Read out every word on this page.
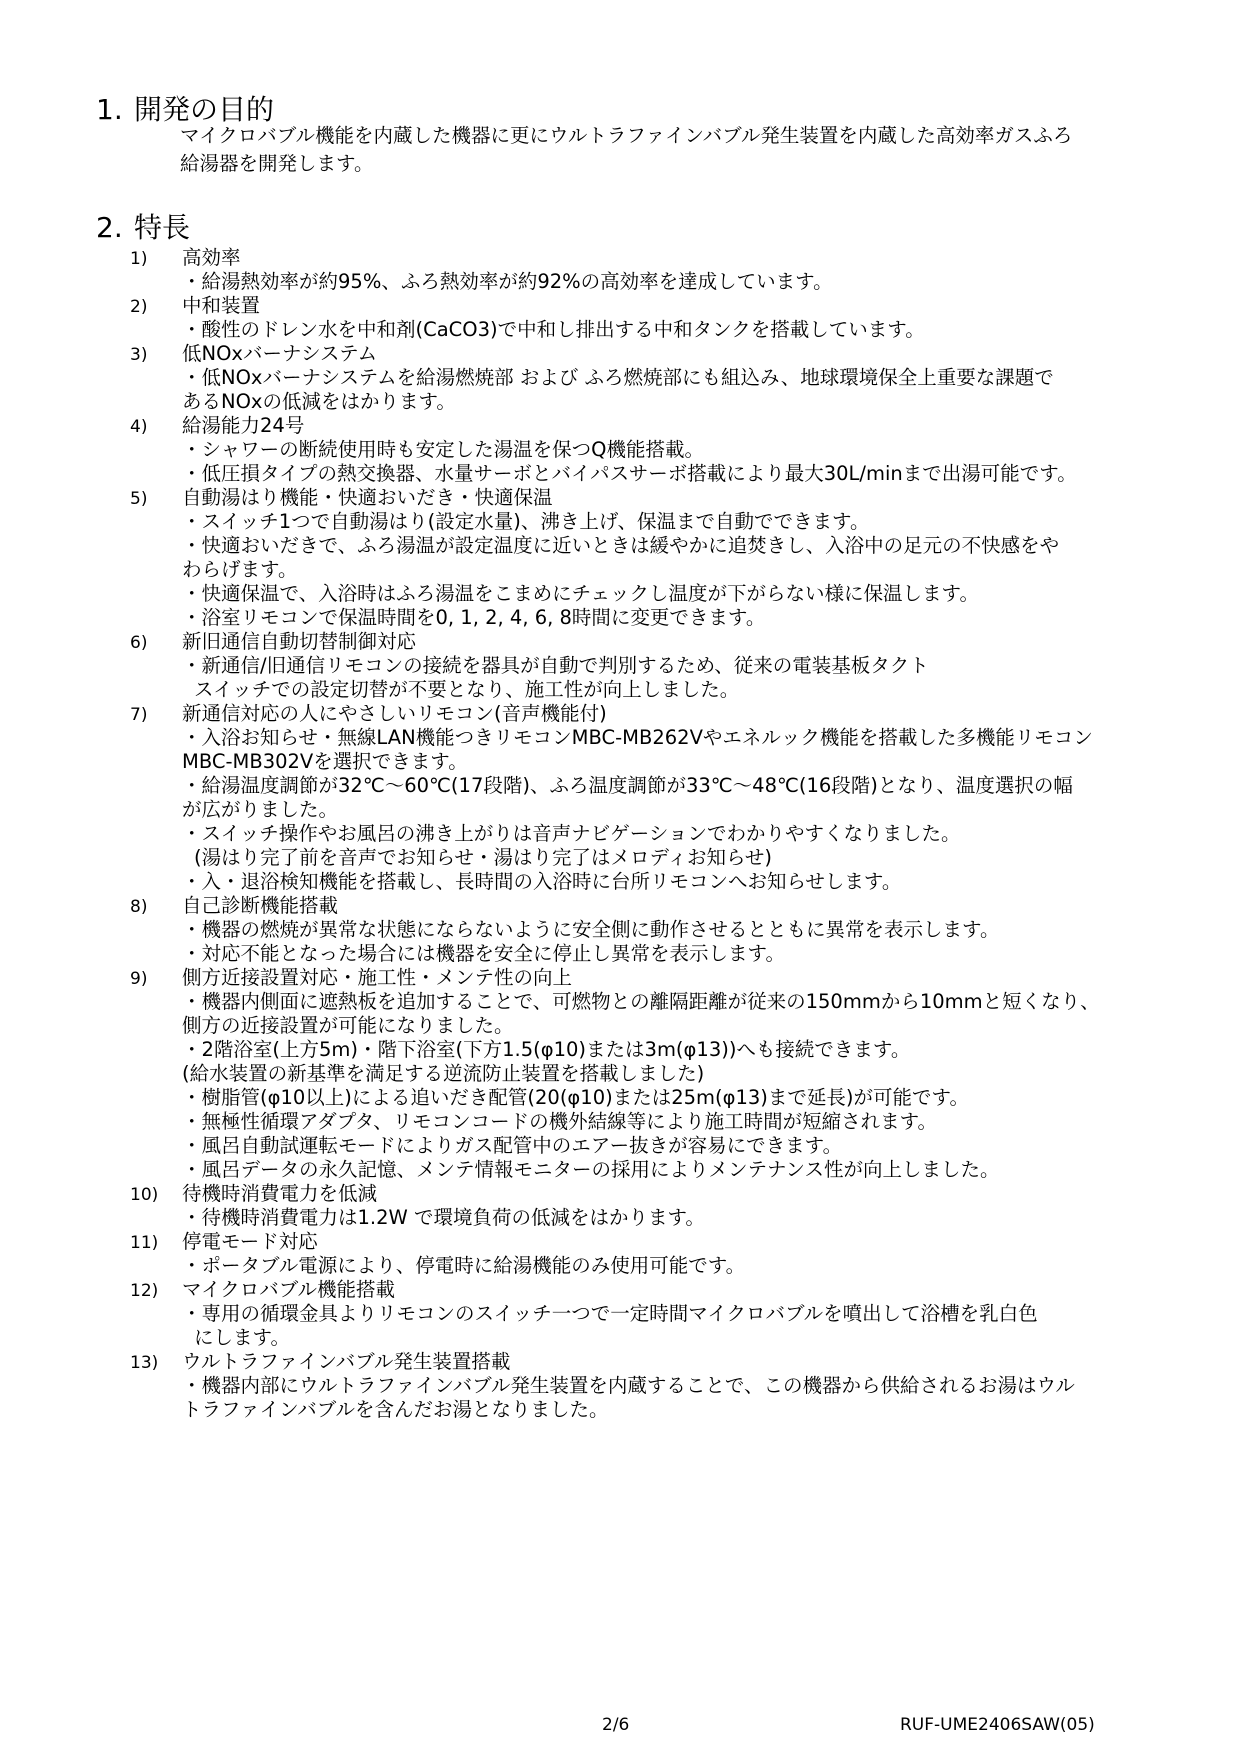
1. 開発の目的
マイクロバブル機能を内蔵した機器に更にウルトラファインバブル発生装置を内蔵した高効率ガスふろ
給湯器を開発します。
2. 特長
1) 高効率
・給湯熱効率が約95%、ふろ熱効率が約92%の高効率を達成しています。
2) 中和装置
・酸性のドレン水を中和剤(CaCO3)で中和し排出する中和タンクを搭載しています。
3) 低NOxバーナシステム
・低NOxバーナシステムを給湯燃焼部 および ふろ燃焼部にも組込み、地球環境保全上重要な課題で
あるNOxの低減をはかります。
4) 給湯能力24号
・シャワーの断続使用時も安定した湯温を保つQ機能搭載。
・低圧損タイプの熱交換器、水量サーボとバイパスサーボ搭載により最大30L/minまで出湯可能です。
5) 自動湯はり機能・快適おいだき・快適保温
・スイッチ1つで自動湯はり(設定水量)、沸き上げ、保温まで自動でできます。
・快適おいだきで、ふろ湯温が設定温度に近いときは緩やかに追焚きし、入浴中の足元の不快感をや
わらげます。
・快適保温で、入浴時はふろ湯温をこまめにチェックし温度が下がらない様に保温します。
・浴室リモコンで保温時間を0, 1, 2, 4, 6, 8時間に変更できます。
6) 新旧通信自動切替制御対応
・新通信/旧通信リモコンの接続を器具が自動で判別するため、従来の電装基板タクト
スイッチでの設定切替が不要となり、施工性が向上しました。
7) 新通信対応の人にやさしいリモコン(音声機能付)
・入浴お知らせ・無線LAN機能つきリモコンMBC-MB262Vやエネルック機能を搭載した多機能リモコン
MBC-MB302Vを選択できます。
・給湯温度調節が32℃～60℃(17段階)、ふろ温度調節が33℃～48℃(16段階)となり、温度選択の幅
が広がりました。
・スイッチ操作やお風呂の沸き上がりは音声ナビゲーションでわかりやすくなりました。
(湯はり完了前を音声でお知らせ・湯はり完了はメロディお知らせ)
・入・退浴検知機能を搭載し、長時間の入浴時に台所リモコンへお知らせします。
8) 自己診断機能搭載
・機器の燃焼が異常な状態にならないように安全側に動作させるとともに異常を表示します。
・対応不能となった場合には機器を安全に停止し異常を表示します。
9) 側方近接設置対応・施工性・メンテ性の向上
・機器内側面に遮熱板を追加することで、可燃物との離隔距離が従来の150mmから10mmと短くなり、
側方の近接設置が可能になりました。
・2階浴室(上方5m)・階下浴室(下方1.5(φ10)または3m(φ13))へも接続できます。
(給水装置の新基準を満足する逆流防止装置を搭載しました)
・樹脂管(φ10以上)による追いだき配管(20(φ10)または25m(φ13)まで延長)が可能です。
・無極性循環アダプタ、リモコンコードの機外結線等により施工時間が短縮されます。
・風呂自動試運転モードによりガス配管中のエアー抜きが容易にできます。
・風呂データの永久記憶、メンテ情報モニターの採用によりメンテナンス性が向上しました。
10) 待機時消費電力を低減
・待機時消費電力は1.2W で環境負荷の低減をはかります。
11) 停電モード対応
・ポータブル電源により、停電時に給湯機能のみ使用可能です。
12) マイクロバブル機能搭載
・専用の循環金具よりリモコンのスイッチ一つで一定時間マイクロバブルを噴出して浴槽を乳白色
にします。
13) ウルトラファインバブル発生装置搭載
・機器内部にウルトラファインバブル発生装置を内蔵することで、この機器から供給されるお湯はウル
トラファインバブルを含んだお湯となりました。
2/6	RUF-UME2406SAW(05)
